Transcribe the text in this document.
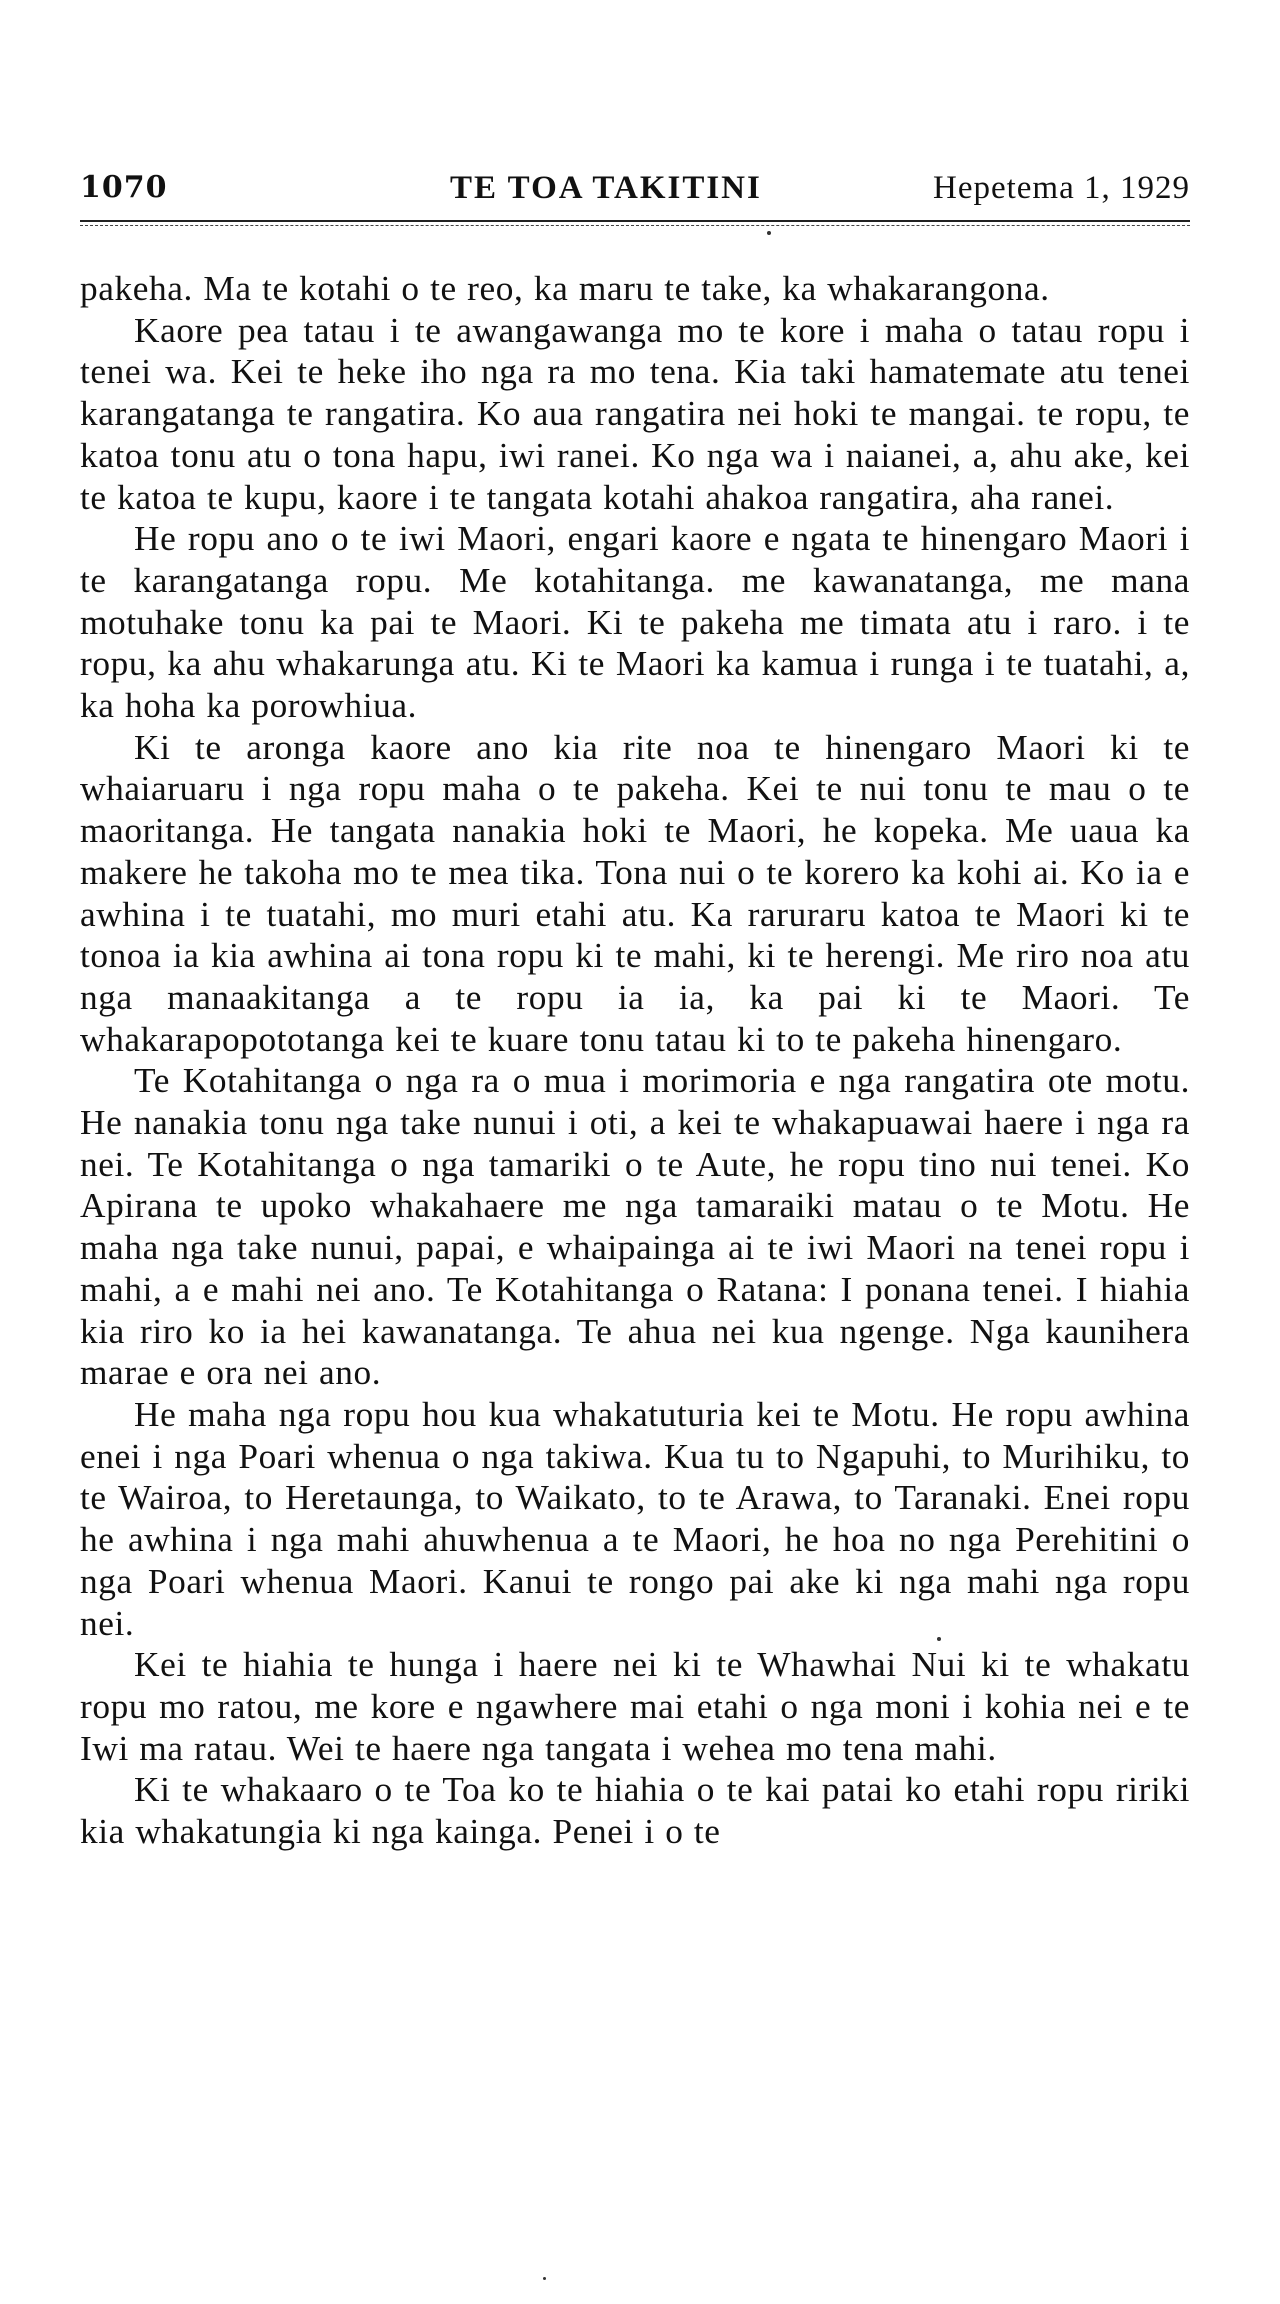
1070	TE TOA TAKITINI	Hepetema 1, 1929

pakeha. Ma te kotahi o te reo, ka maru te take, ka whakarangona.

Kaore pea tatau i te awangawanga mo te kore i maha o tatau ropu i tenei wa. Kei te heke iho nga ra mo tena. Kia taki hamatemate atu tenei karangatanga te rangatira. Ko aua rangatira nei hoki te mangai. te ropu, te katoa tonu atu o tona hapu, iwi ranei. Ko nga wa i naianei, a, ahu ake, kei te katoa te kupu, kaore i te tangata kotahi ahakoa rangatira, aha ranei.

He ropu ano o te iwi Maori, engari kaore e ngata te hinengaro Maori i te karangatanga ropu. Me kotahitanga. me kawanatanga, me mana motuhake tonu ka pai te Maori. Ki te pakeha me timata atu i raro. i te ropu, ka ahu whakarunga atu. Ki te Maori ka kamua i runga i te tuatahi, a, ka hoha ka porowhiua.

Ki te aronga kaore ano kia rite noa te hinengaro Maori ki te whaiaruaru i nga ropu maha o te pakeha. Kei te nui tonu te mau o te maoritanga. He tangata nanakia hoki te Maori, he kopeka. Me uaua ka makere he takoha mo te mea tika. Tona nui o te korero ka kohi ai. Ko ia e awhina i te tuatahi, mo muri etahi atu. Ka raruraru katoa te Maori ki te tonoa ia kia awhina ai tona ropu ki te mahi, ki te herengi. Me riro noa atu nga manaakitanga a te ropu ia ia, ka pai ki te Maori. Te whakarapopototanga kei te kuare tonu tatau ki to te pakeha hinengaro.

Te Kotahitanga o nga ra o mua i morimoria e nga rangatira ote motu. He nanakia tonu nga take nunui i oti, a kei te whakapuawai haere i nga ra nei. Te Kotahitanga o nga tamariki o te Aute, he ropu tino nui tenei. Ko Apirana te upoko whakahaere me nga tamaraiki matau o te Motu. He maha nga take nunui, papai, e whaipainga ai te iwi Maori na tenei ropu i mahi, a e mahi nei ano. Te Kotahitanga o Ratana: I ponana tenei. I hiahia kia riro ko ia hei kawanatanga. Te ahua nei kua ngenge. Nga kaunihera marae e ora nei ano.

He maha nga ropu hou kua whakatuturia kei te Motu. He ropu awhina enei i nga Poari whenua o nga takiwa. Kua tu to Ngapuhi, to Murihiku, to te Wairoa, to Heretaunga, to Waikato, to te Arawa, to Taranaki. Enei ropu he awhina i nga mahi ahuwhenua a te Maori, he hoa no nga Perehitini o nga Poari whenua Maori. Kanui te rongo pai ake ki nga mahi nga ropu nei.

Kei te hiahia te hunga i haere nei ki te Whawhai Nui ki te whakatu ropu mo ratou, me kore e ngawhere mai etahi o nga moni i kohia nei e te Iwi ma ratau. Wei te haere nga tangata i wehea mo tena mahi.

Ki te whakaaro o te Toa ko te hiahia o te kai patai ko etahi ropu ririki kia whakatungia ki nga kainga. Penei i o te
